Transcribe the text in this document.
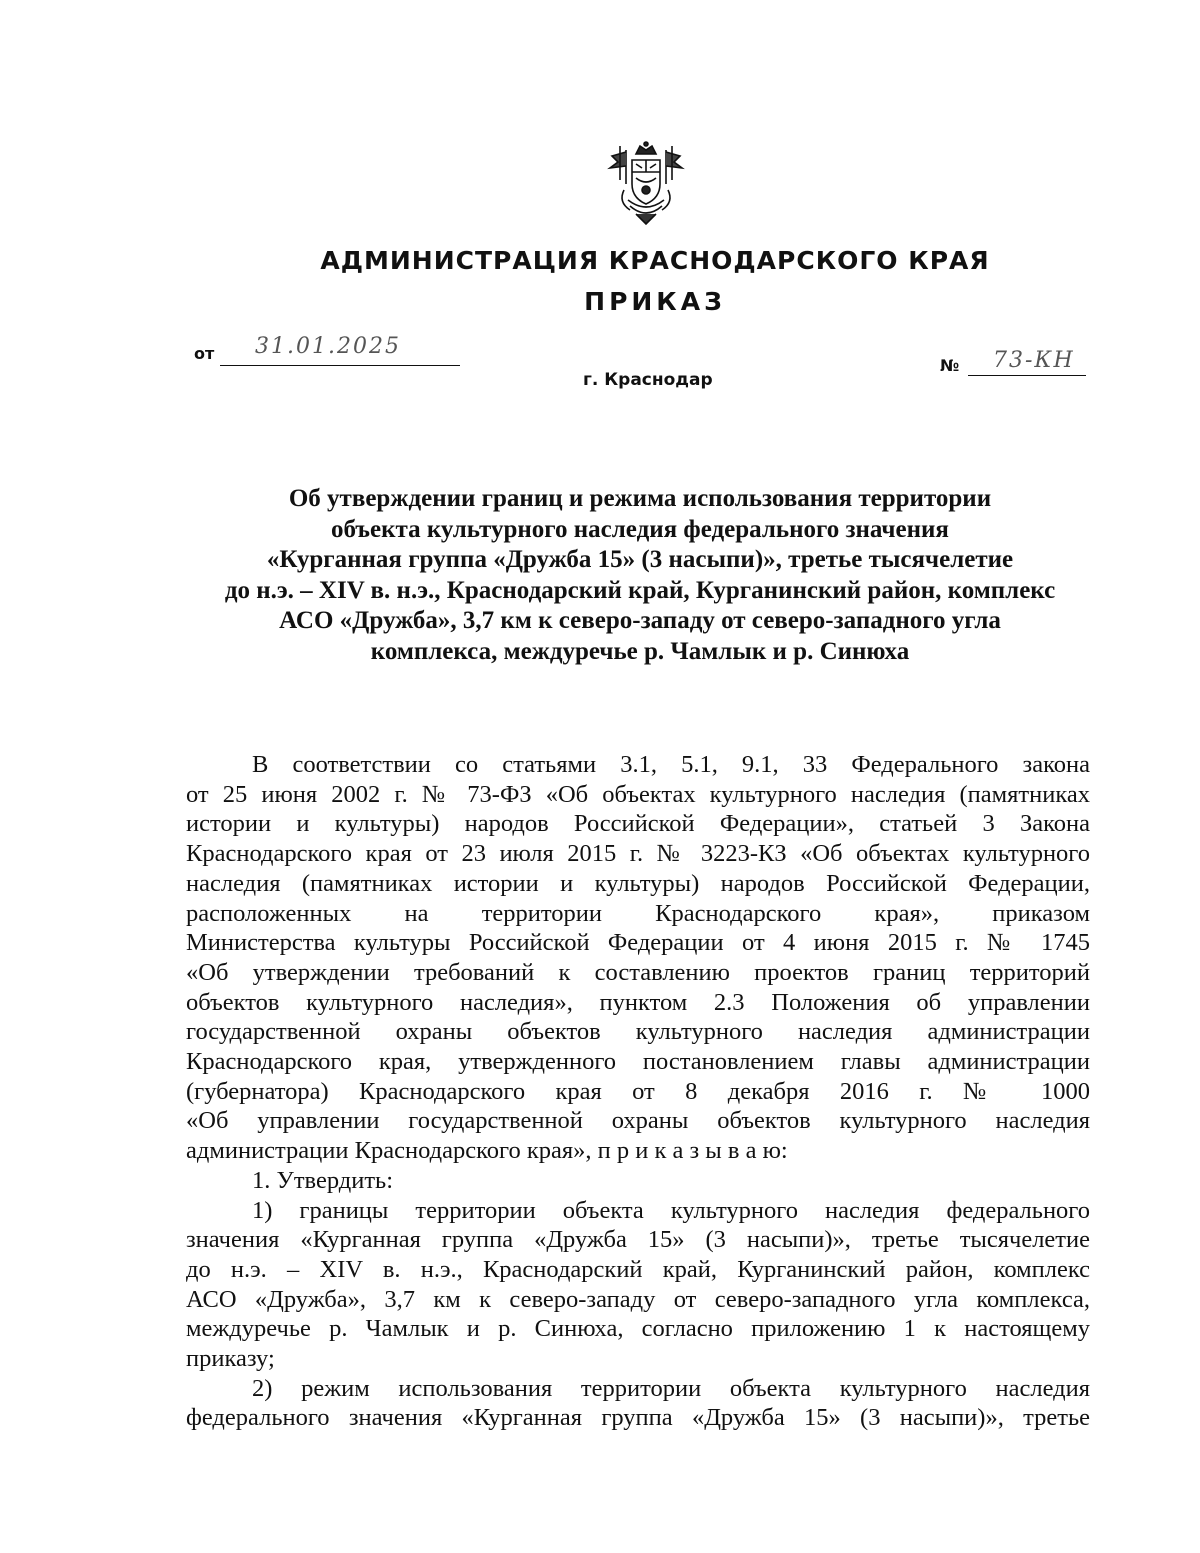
АДМИНИСТРАЦИЯ КРАСНОДАРСКОГО КРАЯ
ПРИКАЗ
от 31.01.2025
г. Краснодар
№ 73-КН
Об утверждении границ и режима использования территории
объекта культурного наследия федерального значения
«Курганная группа «Дружба 15» (3 насыпи)», третье тысячелетие
до н.э. – XIV в. н.э., Краснодарский край, Курганинский район, комплекс
АСО «Дружба», 3,7 км к северо-западу от северо-западного угла
комплекса, междуречье р. Чамлык и р. Синюха
В соответствии со статьями 3.1, 5.1, 9.1, 33 Федерального закона
от 25 июня 2002 г. № 73-ФЗ «Об объектах культурного наследия (памятниках
истории и культуры) народов Российской Федерации», статьей 3 Закона
Краснодарского края от 23 июля 2015 г. № 3223-КЗ «Об объектах культурного
наследия (памятниках истории и культуры) народов Российской Федерации,
расположенных на территории Краснодарского края», приказом
Министерства культуры Российской Федерации от 4 июня 2015 г. № 1745
«Об утверждении требований к составлению проектов границ территорий
объектов культурного наследия», пунктом 2.3 Положения об управлении
государственной охраны объектов культурного наследия администрации
Краснодарского края, утвержденного постановлением главы администрации
(губернатора) Краснодарского края от 8 декабря 2016 г. № 1000
«Об управлении государственной охраны объектов культурного наследия
администрации Краснодарского края», п р и к а з ы в а ю:
1. Утвердить:
1) границы территории объекта культурного наследия федерального
значения «Курганная группа «Дружба 15» (3 насыпи)», третье тысячелетие
до н.э. – XIV в. н.э., Краснодарский край, Курганинский район, комплекс
АСО «Дружба», 3,7 км к северо-западу от северо-западного угла комплекса,
междуречье р. Чамлык и р. Синюха, согласно приложению 1 к настоящему
приказу;
2) режим использования территории объекта культурного наследия
федерального значения «Курганная группа «Дружба 15» (3 насыпи)», третье
